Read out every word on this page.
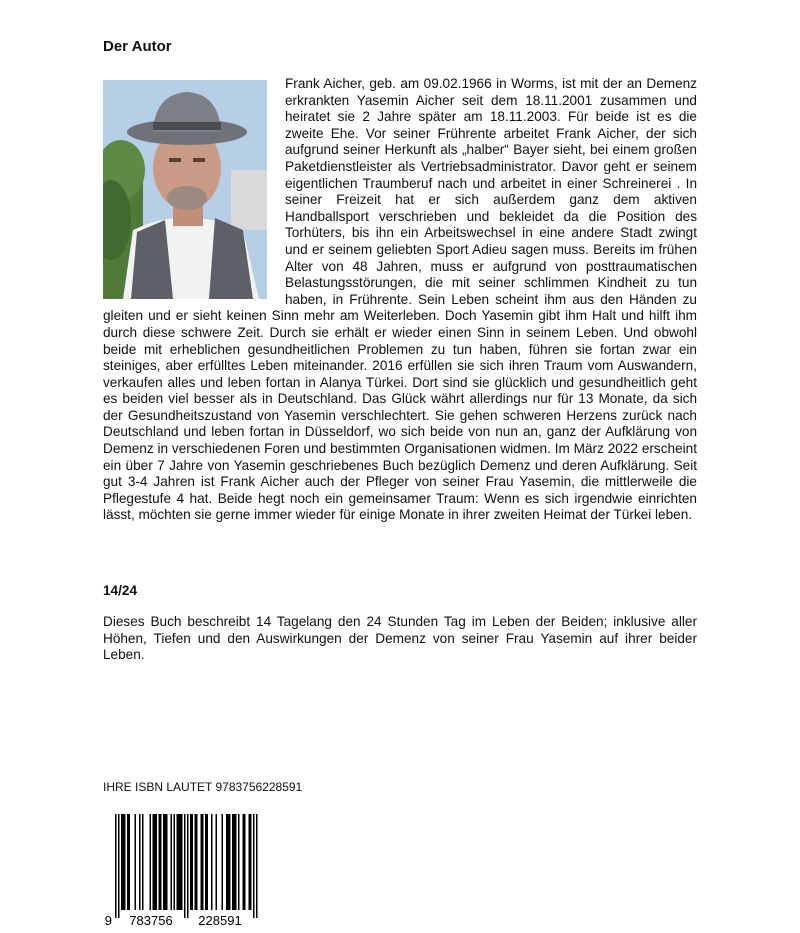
Der Autor
Frank Aicher, geb. am 09.02.1966 in Worms, ist mit der an Demenz erkrankten Yasemin Aicher seit dem 18.11.2001 zusammen und heiratet sie 2 Jahre später am 18.11.2003. Für beide ist es die zweite Ehe. Vor seiner Frührente arbeitet Frank Aicher, der sich aufgrund seiner Herkunft als „halber“ Bayer sieht, bei einem großen Paketdienstleister als Vertriebsadministrator. Davor geht er seinem eigentlichen Traumberuf nach und arbeitet in einer Schreinerei . In seiner Freizeit hat er sich außerdem ganz dem aktiven Handballsport verschrieben und bekleidet da die Position des Torhüters, bis ihn ein Arbeitswechsel in eine andere Stadt zwingt und er seinem geliebten Sport Adieu sagen muss. Bereits im frühen Alter von 48 Jahren, muss er aufgrund von posttraumatischen Belastungsstörungen, die mit seiner schlimmen Kindheit zu tun haben, in Frührente. Sein Leben scheint ihm aus den Händen zu gleiten und er sieht keinen Sinn mehr am Weiterleben. Doch Yasemin gibt ihm Halt und hilft ihm durch diese schwere Zeit. Durch sie erhält er wieder einen Sinn in seinem Leben. Und obwohl beide mit erheblichen gesundheitlichen Problemen zu tun haben, führen sie fortan zwar ein steiniges, aber erfülltes Leben miteinander. 2016 erfüllen sie sich ihren Traum vom Auswandern, verkaufen alles und leben fortan in Alanya Türkei. Dort sind sie glücklich und gesundheitlich geht es beiden viel besser als in Deutschland. Das Glück währt allerdings nur für 13 Monate, da sich der Gesundheitszustand von Yasemin verschlechtert. Sie gehen schweren Herzens zurück nach Deutschland und leben fortan in Düsseldorf, wo sich beide von nun an, ganz der Aufklärung von Demenz in verschiedenen Foren und bestimmten Organisationen widmen. Im März 2022 erscheint ein über 7 Jahre von Yasemin geschriebenes Buch bezüglich Demenz und deren Aufklärung. Seit gut 3-4 Jahren ist Frank Aicher auch der Pfleger von seiner Frau Yasemin, die mittlerweile die Pflegestufe 4 hat. Beide hegt noch ein gemeinsamer Traum: Wenn es sich irgendwie einrichten lässt, möchten sie gerne immer wieder für einige Monate in ihrer zweiten Heimat der Türkei leben.

14/24

Dieses Buch beschreibt 14 Tagelang den 24 Stunden Tag im Leben der Beiden; inklusive aller Höhen, Tiefen und den Auswirkungen der Demenz von seiner Frau Yasemin auf ihrer beider Leben.

IHRE ISBN LAUTET 9783756228591

9 783756 228591
